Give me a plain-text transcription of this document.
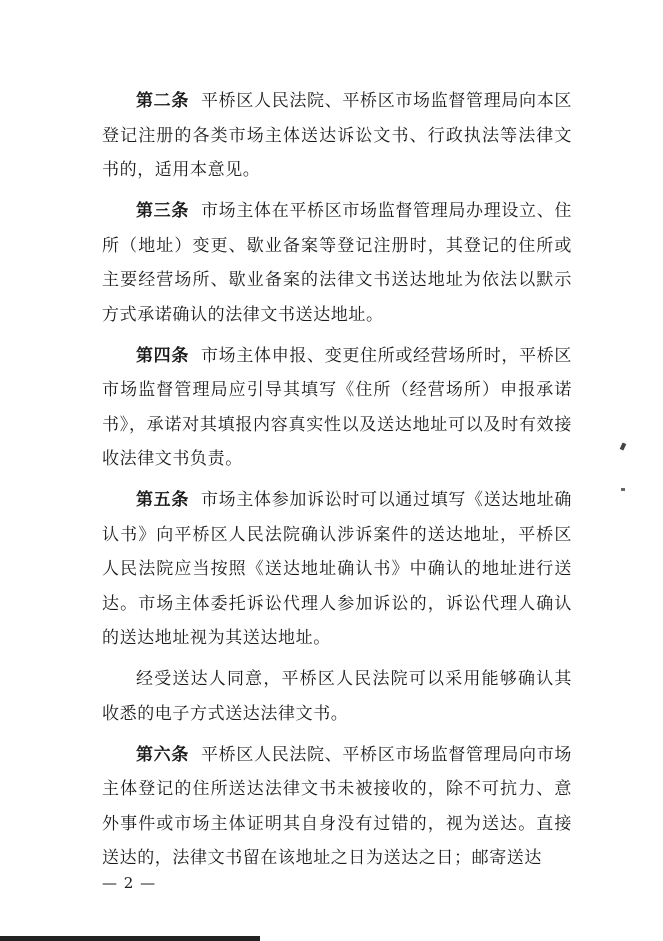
第二条 平桥区人民法院、平桥区市场监督管理局向本区登记注册的各类市场主体送达诉讼文书、行政执法等法律文书的，适用本意见。

第三条 市场主体在平桥区市场监督管理局办理设立、住所（地址）变更、歇业备案等登记注册时，其登记的住所或主要经营场所、歇业备案的法律文书送达地址为依法以默示方式承诺确认的法律文书送达地址。

第四条 市场主体申报、变更住所或经营场所时，平桥区市场监督管理局应引导其填写《住所（经营场所）申报承诺书》，承诺对其填报内容真实性以及送达地址可以及时有效接收法律文书负责。

第五条 市场主体参加诉讼时可以通过填写《送达地址确认书》向平桥区人民法院确认涉诉案件的送达地址，平桥区人民法院应当按照《送达地址确认书》中确认的地址进行送达。市场主体委托诉讼代理人参加诉讼的，诉讼代理人确认的送达地址视为其送达地址。

经受送达人同意，平桥区人民法院可以采用能够确认其收悉的电子方式送达法律文书。

第六条 平桥区人民法院、平桥区市场监督管理局向市场主体登记的住所送达法律文书未被接收的，除不可抗力、意外事件或市场主体证明其自身没有过错的，视为送达。直接送达的，法律文书留在该地址之日为送达之日；邮寄送达

— 2 —
